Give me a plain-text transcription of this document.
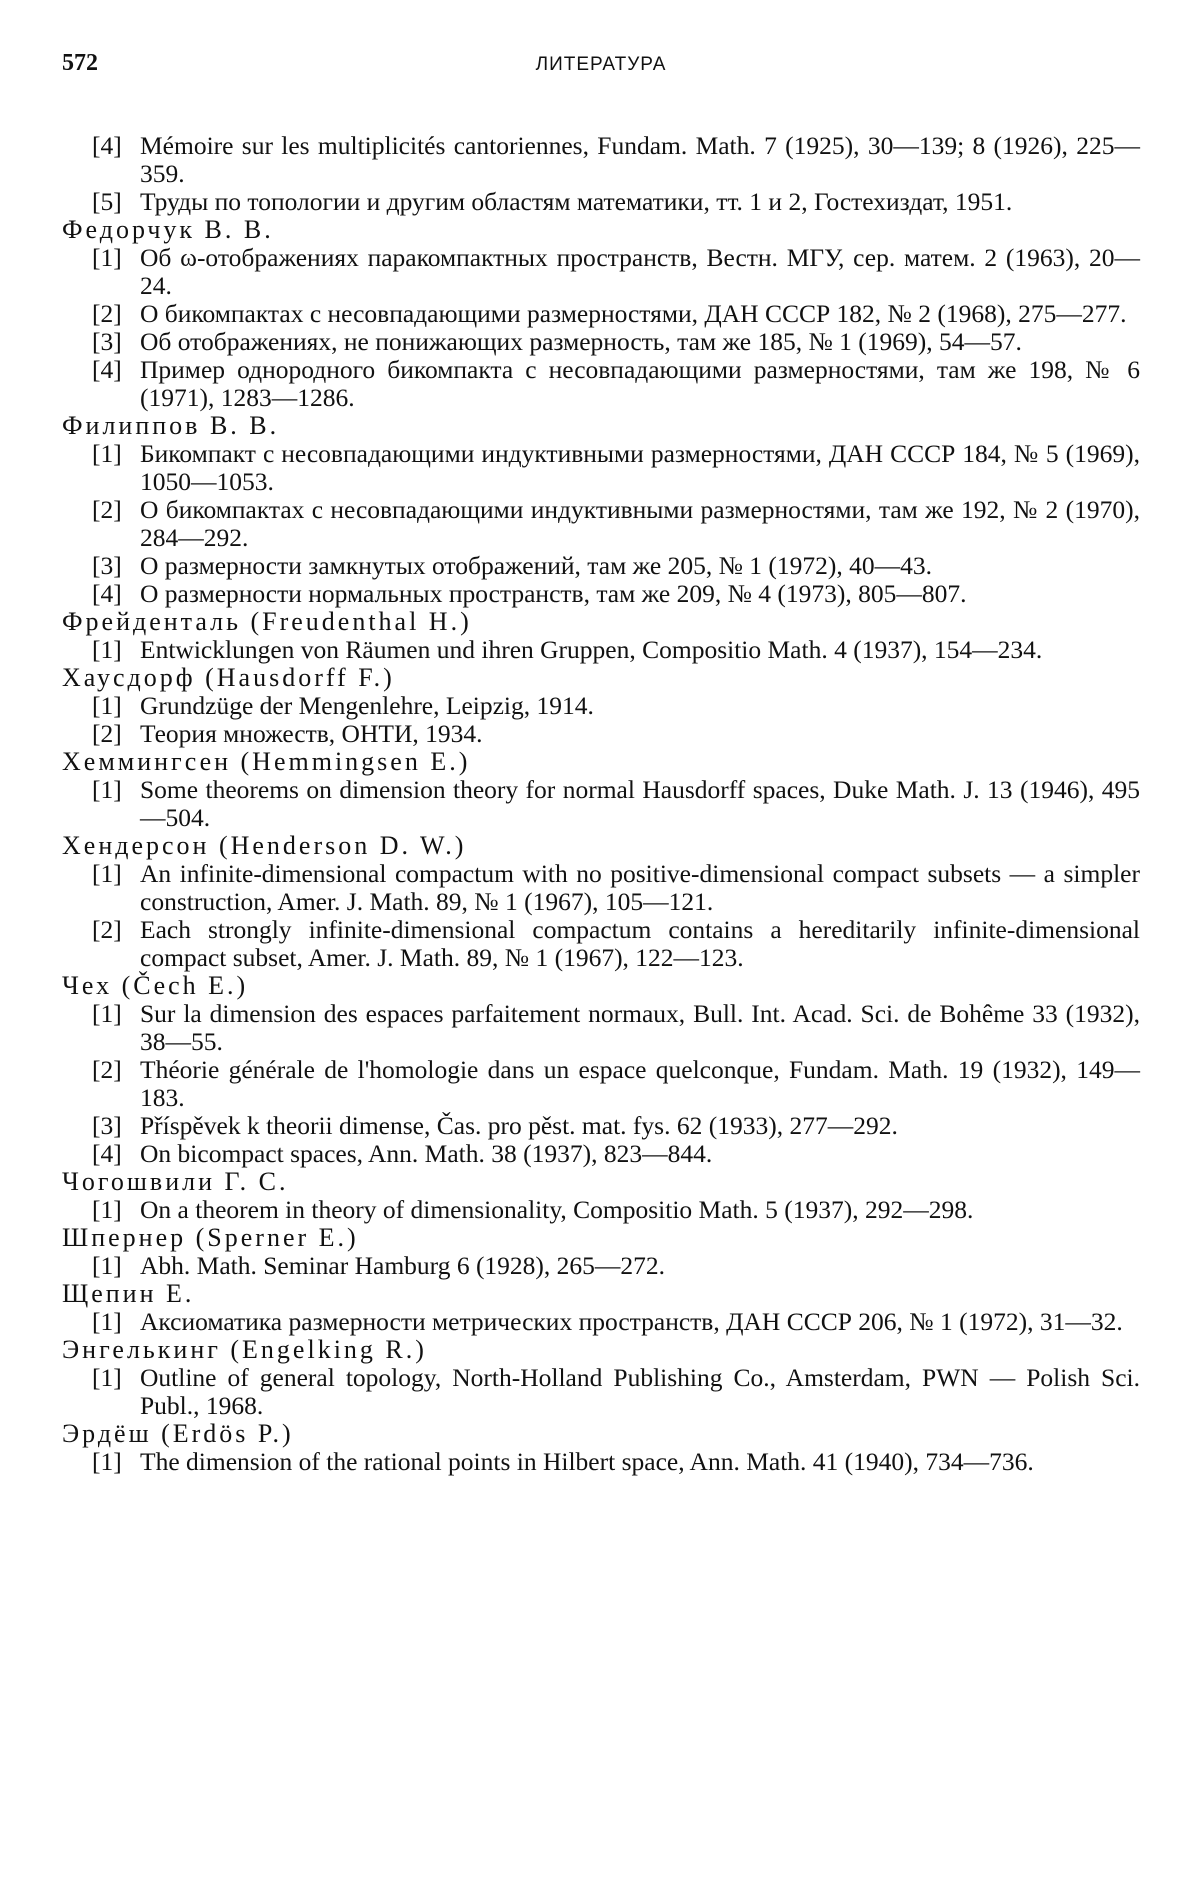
572	ЛИТЕРАТУРА

[4] Mémoire sur les multiplicités cantoriennes, Fundam. Math. 7 (1925), 30—139; 8 (1926), 225—359.

[5] Труды по топологии и другим областям математики, тт. 1 и 2, Гостехиздат, 1951.

Федорчук В. В.

[1] Об ω-отображениях паракомпактных пространств, Вестн. МГУ, сер. матем. 2 (1963), 20—24.

[2] О бикомпактах с несовпадающими размерностями, ДАН СССР 182, № 2 (1968), 275—277.

[3] Об отображениях, не понижающих размерность, там же 185, № 1 (1969), 54—57.

[4] Пример однородного бикомпакта с несовпадающими размерностями, там же 198, № 6 (1971), 1283—1286.

Филиппов В. В.

[1] Бикомпакт с несовпадающими индуктивными размерностями, ДАН СССР 184, № 5 (1969), 1050—1053.

[2] О бикомпактах с несовпадающими индуктивными размерностями, там же 192, № 2 (1970), 284—292.

[3] О размерности замкнутых отображений, там же 205, № 1 (1972), 40—43.

[4] О размерности нормальных пространств, там же 209, № 4 (1973), 805—807.

Фрейденталь (Freudenthal H.)

[1] Entwicklungen von Räumen und ihren Gruppen, Compositio Math. 4 (1937), 154—234.

Хаусдорф (Hausdorff F.)

[1] Grundzüge der Mengenlehre, Leipzig, 1914.

[2] Теория множеств, ОНТИ, 1934.

Хеммингсен (Hemmingsen E.)

[1] Some theorems on dimension theory for normal Hausdorff spaces, Duke Math. J. 13 (1946), 495—504.

Хендерсон (Henderson D. W.)

[1] An infinite-dimensional compactum with no positive-dimensional compact subsets — a simpler construction, Amer. J. Math. 89, № 1 (1967), 105—121.

[2] Each strongly infinite-dimensional compactum contains a hereditarily infinite-dimensional compact subset, Amer. J. Math. 89, № 1 (1967), 122—123.

Чех (Čech E.)

[1] Sur la dimension des espaces parfaitement normaux, Bull. Int. Acad. Sci. de Bohême 33 (1932), 38—55.

[2] Théorie générale de l'homologie dans un espace quelconque, Fundam. Math. 19 (1932), 149—183.

[3] Příspěvek k theorii dimense, Čas. pro pěst. mat. fys. 62 (1933), 277—292.

[4] On bicompact spaces, Ann. Math. 38 (1937), 823—844.

Чогошвили Г. С.

[1] On a theorem in theory of dimensionality, Compositio Math. 5 (1937), 292—298.

Шпернер (Sperner E.)

[1] Abh. Math. Seminar Hamburg 6 (1928), 265—272.

Щепин Е.

[1] Аксиоматика размерности метрических пространств, ДАН СССР 206, № 1 (1972), 31—32.

Энгелькинг (Engelking R.)

[1] Outline of general topology, North-Holland Publishing Co., Amsterdam, PWN — Polish Sci. Publ., 1968.

Эрдёш (Erdös P.)

[1] The dimension of the rational points in Hilbert space, Ann. Math. 41 (1940), 734—736.
